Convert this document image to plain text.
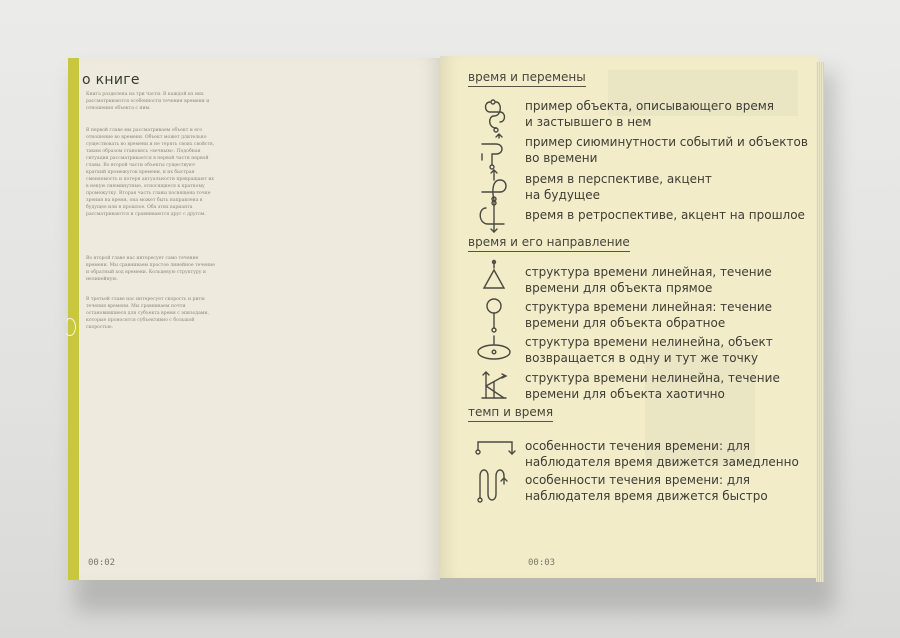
о книге

Книга разделена на три части. В каждой из них рассматриваются особенности течения времени и отношения объекта с ним.

В первой главе мы рассматриваем объект и его отношение во времени. Объект может длительно существовать во времени и не терять своих свойств, таким образом становясь «вечным». Подобная ситуация рассматривается в первой части первой главы. Во второй части объекты существуют краткий промежуток времени, и их быстрая сменяемость и потеря актуальности превращают их в некую сиюминутные, относящиеся к краткому промежутку. Вторая часть главы посвящена точке зрения на время, она может быть направлена в будущее или в прошлое. Оба этих варианта рассматриваются и сравниваются друг с другом.

Во второй главе нас интересует само течение времени. Мы сравниваем простое линейное течение и обратный ход времени. Кольцевую структуру и нелинейную.

В третьей главе нас интересует скорость и ритм течения времени. Мы сравниваем почти остановившиеся для субъекта время с эпизодами, которые проносятся субъективно с большой скоростью.

00:02
время и перемены
пример объекта, описывающего время
и застывшего в нем
пример сиюминутности событий и объектов
во времени
время в перспективе, акцент
на будущее
время в ретроспективе, акцент на прошлое
время и его направление
структура времени линейная, течение
времени для объекта прямое
структура времени линейная: течение
времени для объекта обратное
структура времени нелинейна, объект
возвращается в одну и тут же точку
структура времени нелинейна, течение
времени для объекта хаотично
темп и время
особенности течения времени: для
наблюдателя время движется замедленно
особенности течения времени: для
наблюдателя время движется быстро
00:03
